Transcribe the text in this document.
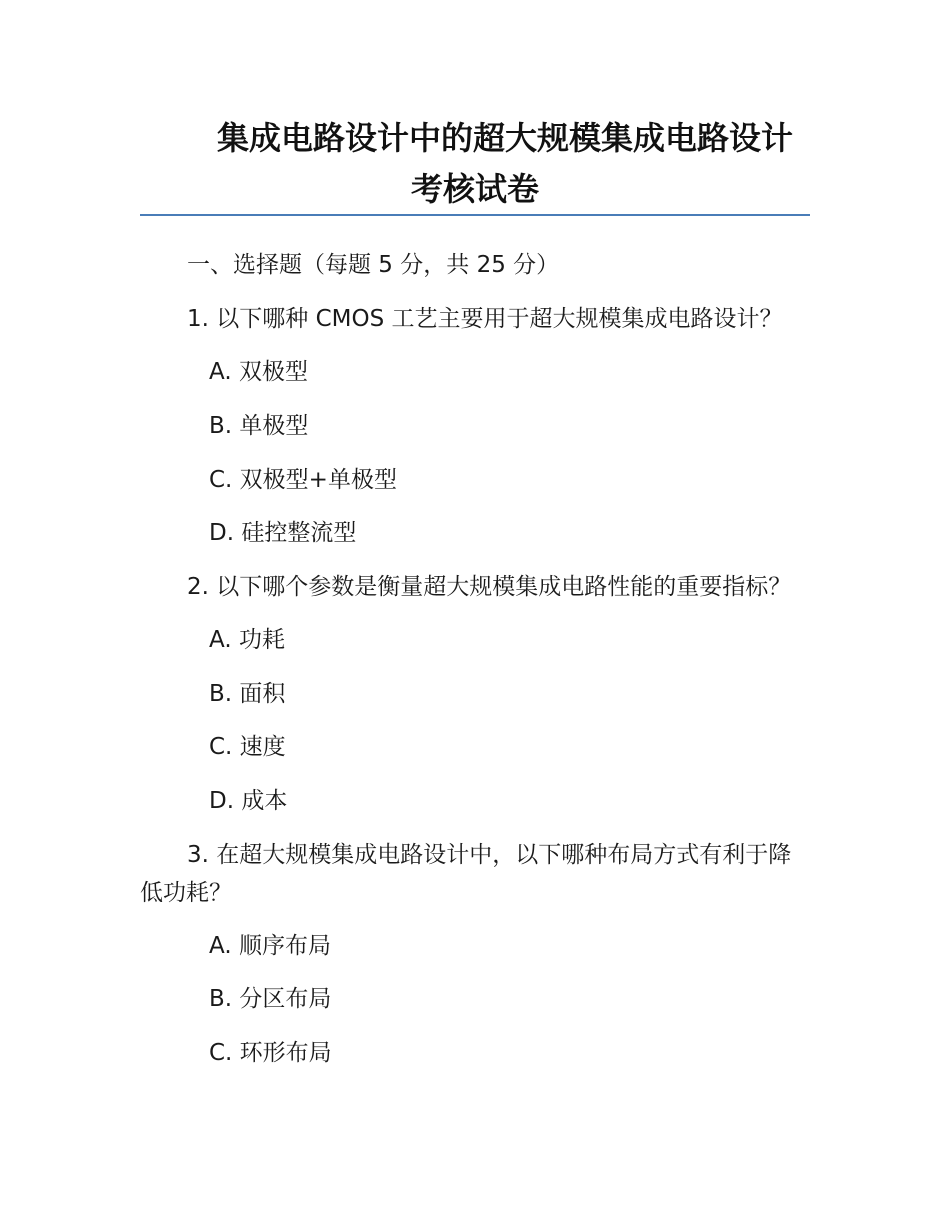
集成电路设计中的超大规模集成电路设计
考核试卷
一、选择题（每题 5 分，共 25 分）
1. 以下哪种 CMOS 工艺主要用于超大规模集成电路设计？
A. 双极型
B. 单极型
C. 双极型+单极型
D. 硅控整流型
2. 以下哪个参数是衡量超大规模集成电路性能的重要指标？
A. 功耗
B. 面积
C. 速度
D. 成本
3. 在超大规模集成电路设计中，以下哪种布局方式有利于降低功耗？
A. 顺序布局
B. 分区布局
C. 环形布局
